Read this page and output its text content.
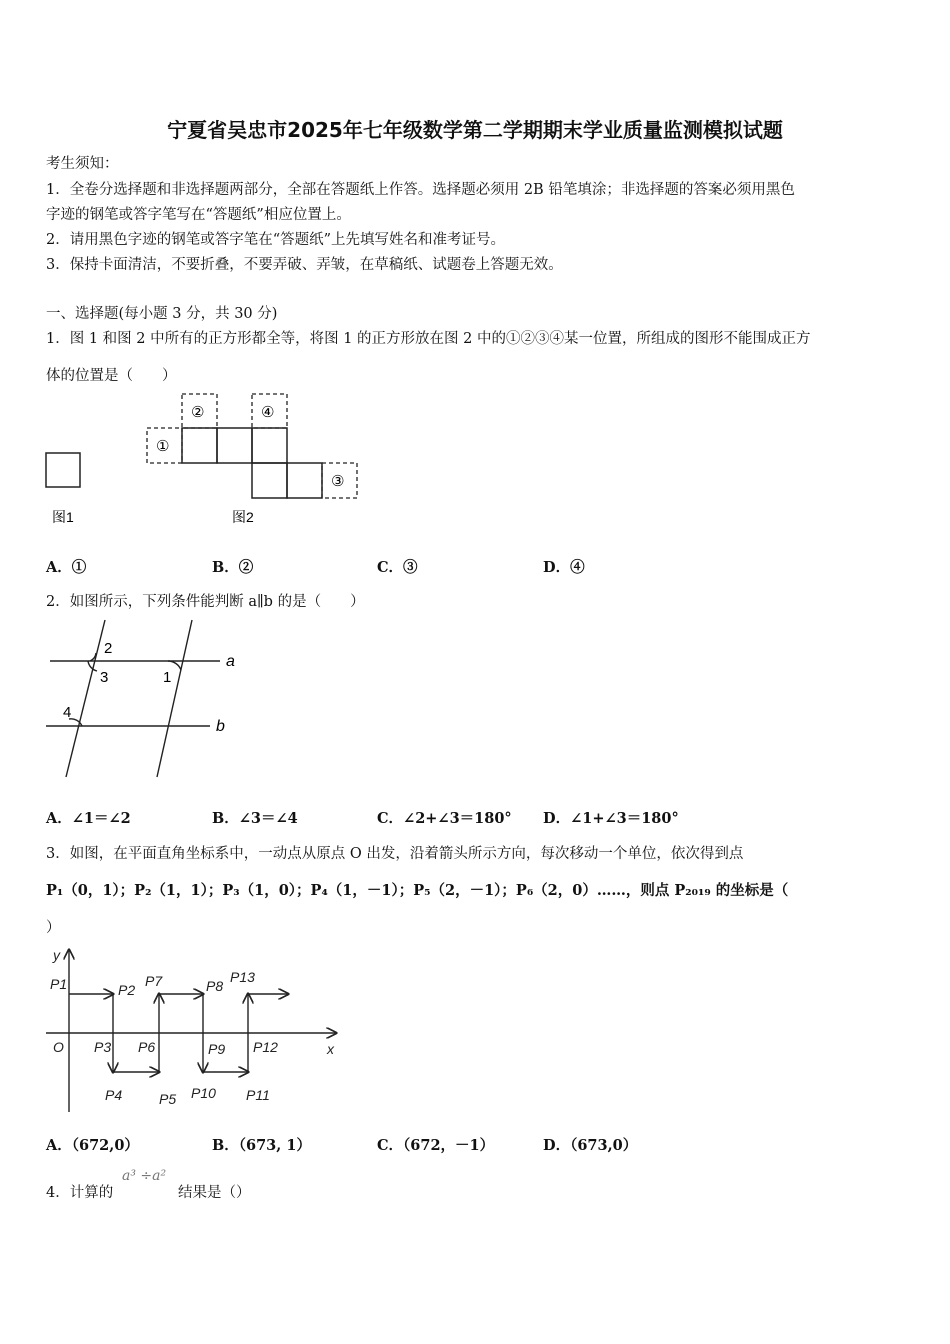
宁夏省吴忠市2025年七年级数学第二学期期末学业质量监测模拟试题
考生须知：
1．全卷分选择题和非选择题两部分，全部在答题纸上作答。选择题必须用 2B 铅笔填涂；非选择题的答案必须用黑色
字迹的钢笔或答字笔写在“答题纸”相应位置上。
2．请用黑色字迹的钢笔或答字笔在“答题纸”上先填写姓名和准考证号。
3．保持卡面清洁，不要折叠，不要弄破、弄皱，在草稿纸、试题卷上答题无效。
一、选择题(每小题 3 分，共 30 分)
1．图 1 和图 2 中所有的正方形都全等，将图 1 的正方形放在图 2 中的①②③④某一位置，所组成的图形不能围成正方
体的位置是（　　）
图1
①
②
③
④
图2
A．①	B．②	C．③	D．④
2．如图所示，下列条件能判断 a∥b 的是（　　）
2
3	1
4
a
b
A．∠1＝∠2	B．∠3＝∠4	C．∠2+∠3＝180° D．∠1+∠3＝180°
3．如图，在平面直角坐标系中，一动点从原点 O 出发，沿着箭头所示方向，每次移动一个单位，依次得到点
P₁（0，1）；P₂（1，1）；P₃（1，0）；P₄（1，－1）；P₅（2，－1）；P₆（2，0）……，则点 P₂₀₁₉ 的坐标是（
）
y
x
O
P1	P2
P3
P4	P5
P6
P7	P8
P9
P10 P11
P12
P13
A．（672,0）	B．（673, 1）	C．（672，－1）	D．（673,0）
4．计算的
a³ ÷a²
结果是（）
